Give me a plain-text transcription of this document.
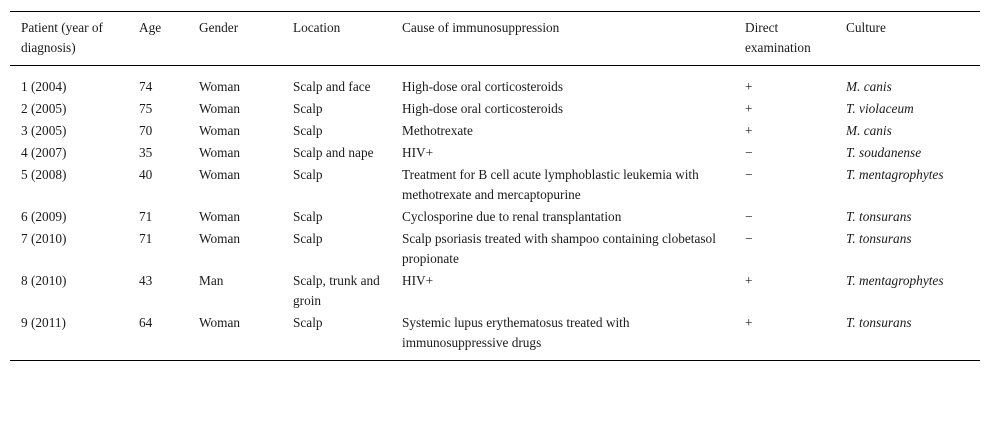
Patient (year of diagnosis)	Age	Gender	Location	Cause of immunosuppression	Direct examination	Culture
1 (2004)	74	Woman	Scalp and face	High-dose oral corticosteroids	+	M. canis
2 (2005)	75	Woman	Scalp	High-dose oral corticosteroids	+	T. violaceum
3 (2005)	70	Woman	Scalp	Methotrexate	+	M. canis
4 (2007)	35	Woman	Scalp and nape	HIV+	−	T. soudanense
5 (2008)	40	Woman	Scalp	Treatment for B cell acute lymphoblastic leukemia with methotrexate and mercaptopurine	−	T. mentagrophytes
6 (2009)	71	Woman	Scalp	Cyclosporine due to renal transplantation	−	T. tonsurans
7 (2010)	71	Woman	Scalp	Scalp psoriasis treated with shampoo containing clobetasol propionate	−	T. tonsurans
8 (2010)	43	Man	Scalp, trunk and groin	HIV+	+	T. mentagrophytes
9 (2011)	64	Woman	Scalp	Systemic lupus erythematosus treated with immunosuppressive drugs	+	T. tonsurans
